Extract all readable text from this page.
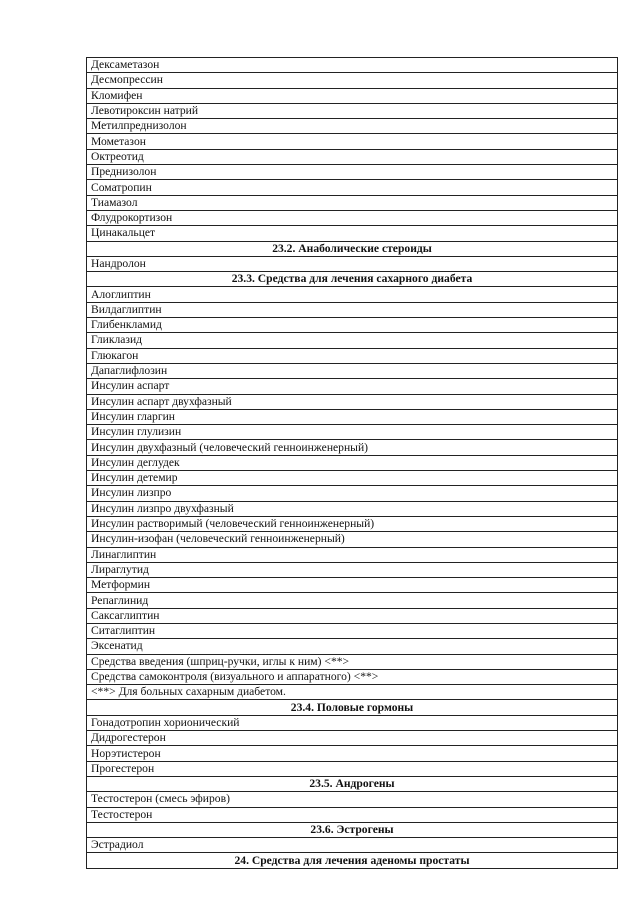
Дексаметазон
Десмопрессин
Кломифен
Левотироксин натрий
Метилпреднизолон
Мометазон
Октреотид
Преднизолон
Соматропин
Тиамазол
Флудрокортизон
Цинакальцет
23.2. Анаболические стероиды
Нандролон
23.3. Средства для лечения сахарного диабета
Алоглиптин
Вилдаглиптин
Глибенкламид
Гликлазид
Глюкагон
Дапаглифлозин
Инсулин аспарт
Инсулин аспарт двухфазный
Инсулин гларгин
Инсулин глулизин
Инсулин двухфазный (человеческий генноинженерный)
Инсулин деглудек
Инсулин детемир
Инсулин лизпро
Инсулин лизпро двухфазный
Инсулин растворимый (человеческий генноинженерный)
Инсулин-изофан (человеческий генноинженерный)
Линаглиптин
Лираглутид
Метформин
Репаглинид
Саксаглиптин
Ситаглиптин
Эксенатид
Средства введения (шприц-ручки, иглы к ним) <**>
Средства самоконтроля (визуального и аппаратного) <**>
<**> Для больных сахарным диабетом.
23.4. Половые гормоны
Гонадотропин хорионический
Дидрогестерон
Норэтистерон
Прогестерон
23.5. Андрогены
Тестостерон (смесь эфиров)
Тестостерон
23.6. Эстрогены
Эстрадиол
24. Средства для лечения аденомы простаты
